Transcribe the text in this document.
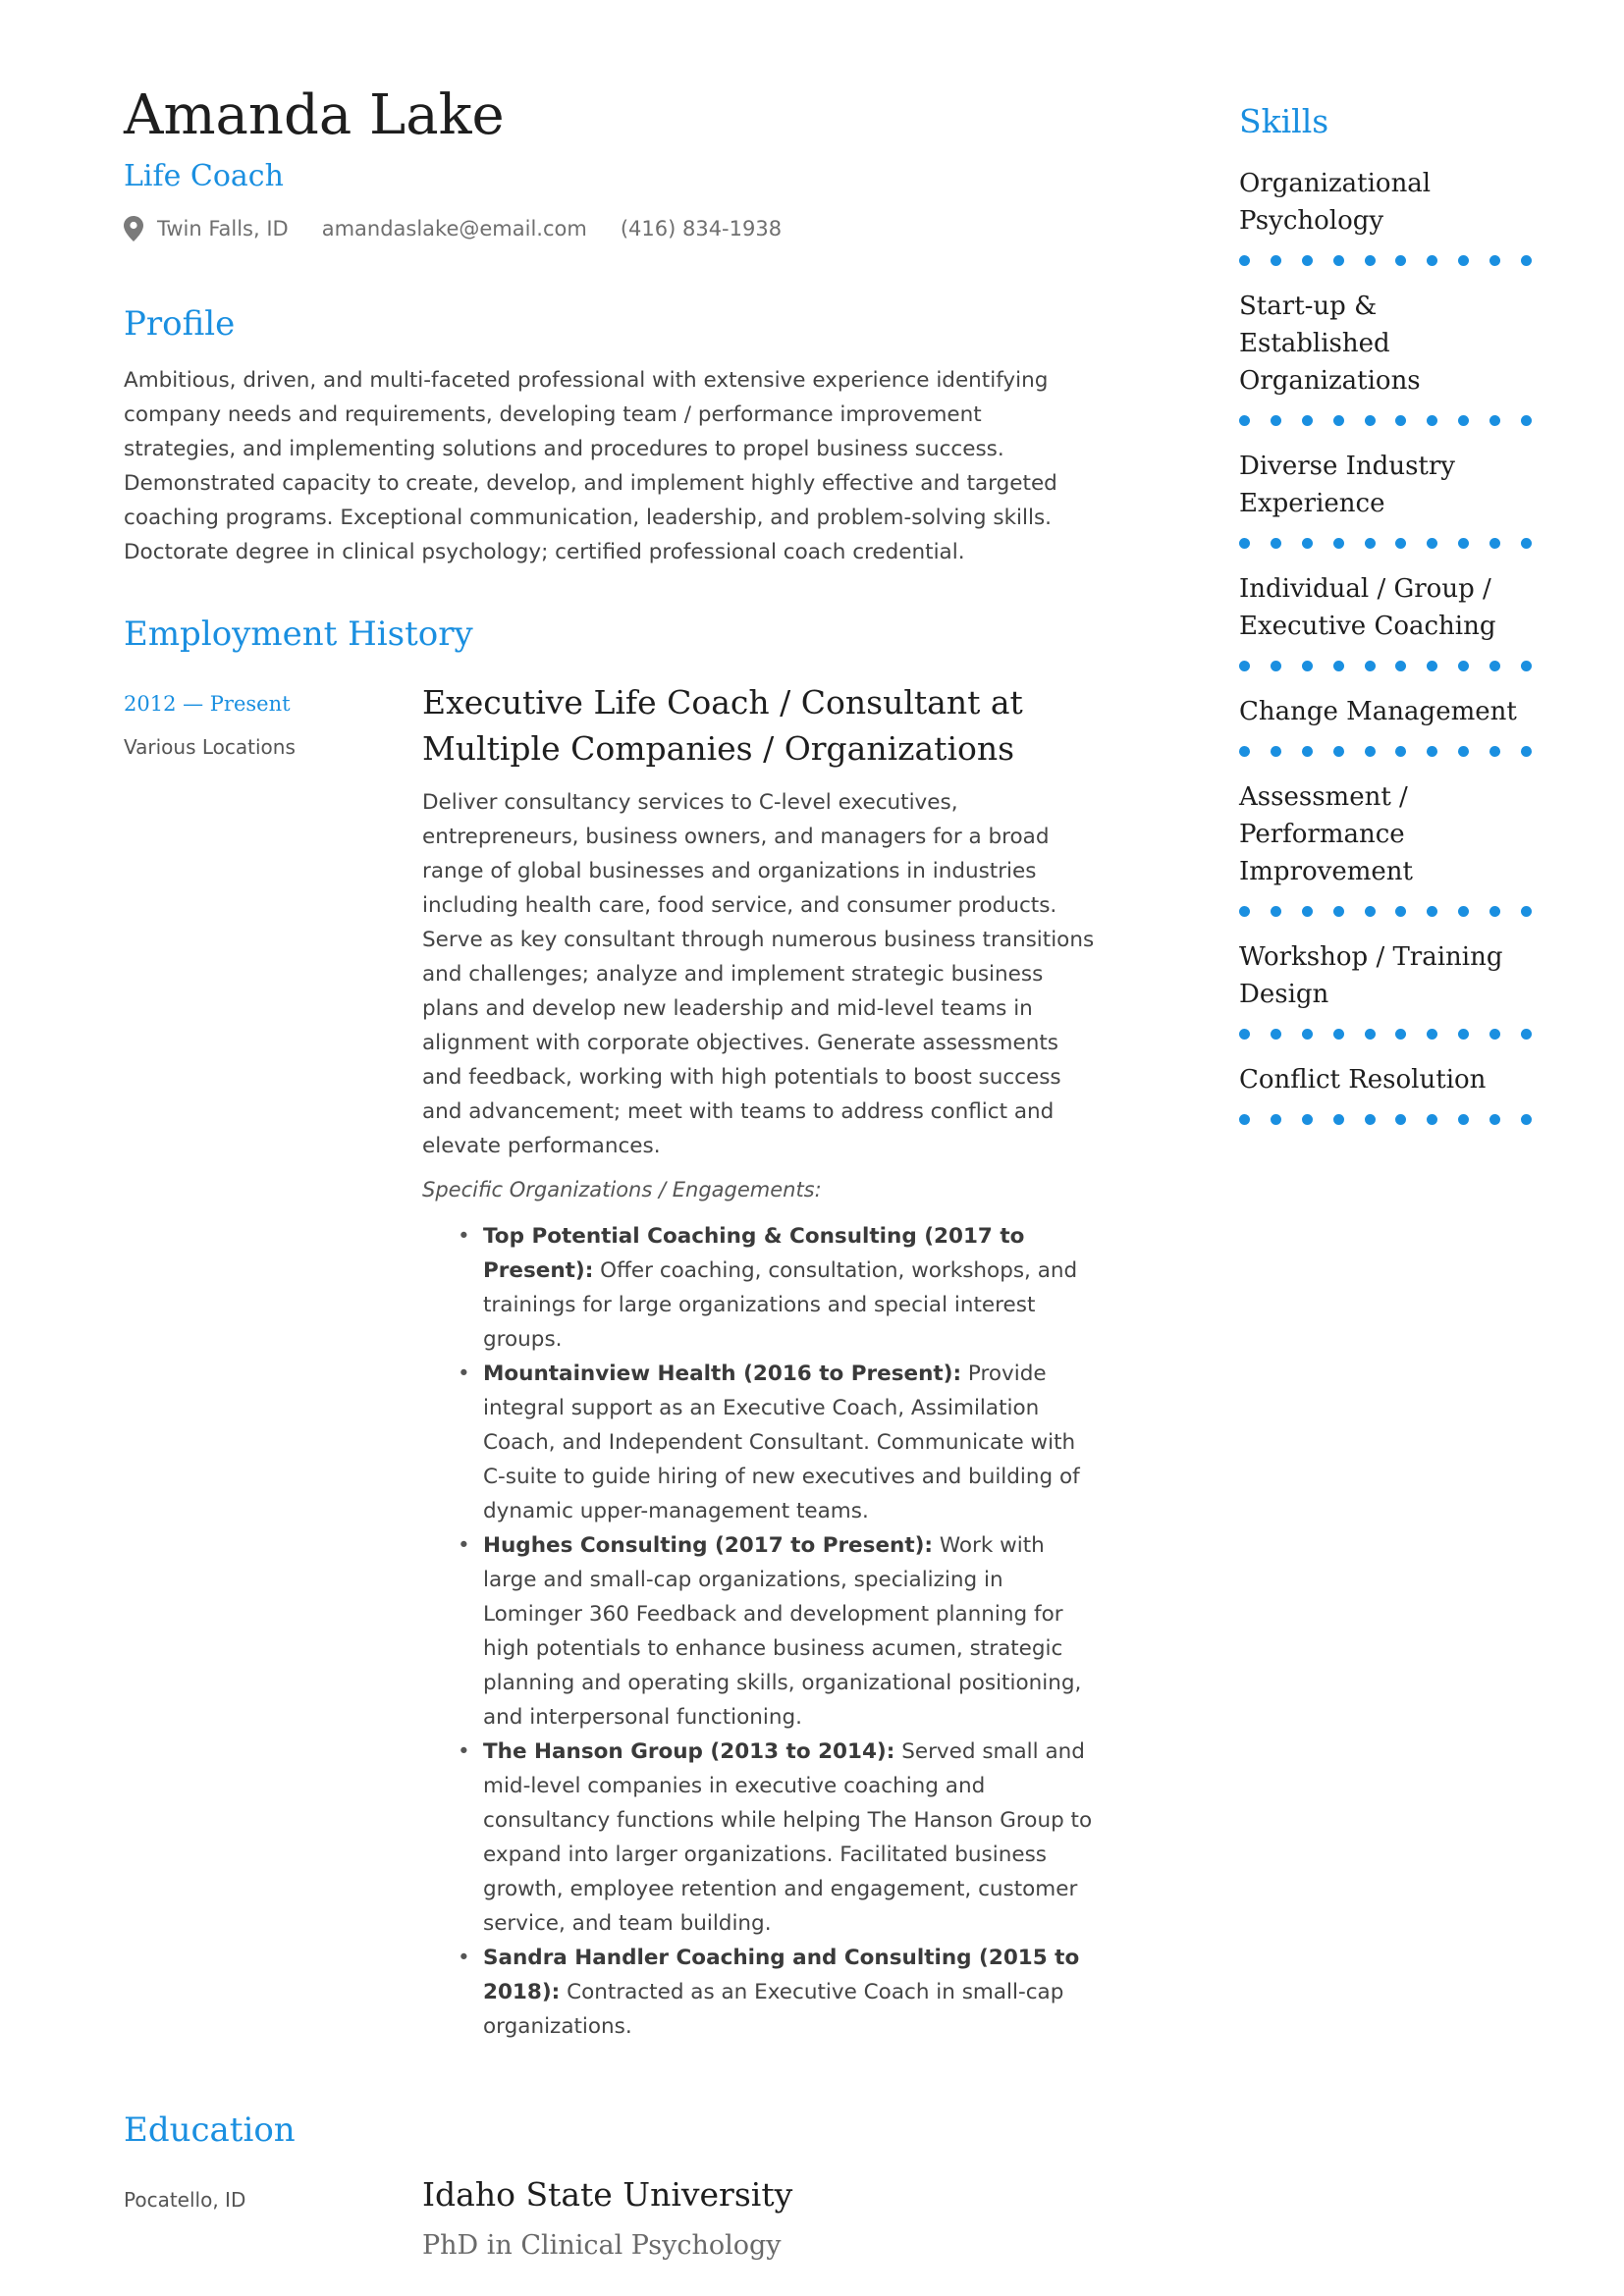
Amanda Lake
Life Coach
Twin Falls, ID amandaslake@email.com (416) 834-1938
Profile
Ambitious, driven, and multi-faceted professional with extensive experience identifying company needs and requirements, developing team / performance improvement strategies, and implementing solutions and procedures to propel business success. Demonstrated capacity to create, develop, and implement highly effective and targeted coaching programs. Exceptional communication, leadership, and problem-solving skills. Doctorate degree in clinical psychology; certified professional coach credential.
Employment History
2012 — Present
Various Locations
Executive Life Coach / Consultant at Multiple Companies / Organizations
Deliver consultancy services to C-level executives, entrepreneurs, business owners, and managers for a broad range of global businesses and organizations in industries including health care, food service, and consumer products. Serve as key consultant through numerous business transitions and challenges; analyze and implement strategic business plans and develop new leadership and mid-level teams in alignment with corporate objectives. Generate assessments and feedback, working with high potentials to boost success and advancement; meet with teams to address conflict and elevate performances.
Specific Organizations / Engagements:
• Top Potential Coaching & Consulting (2017 to Present): Offer coaching, consultation, workshops, and trainings for large organizations and special interest groups.
• Mountainview Health (2016 to Present): Provide integral support as an Executive Coach, Assimilation Coach, and Independent Consultant. Communicate with C-suite to guide hiring of new executives and building of dynamic upper-management teams.
• Hughes Consulting (2017 to Present): Work with large and small-cap organizations, specializing in Lominger 360 Feedback and development planning for high potentials to enhance business acumen, strategic planning and operating skills, organizational positioning, and interpersonal functioning.
• The Hanson Group (2013 to 2014): Served small and mid-level companies in executive coaching and consultancy functions while helping The Hanson Group to expand into larger organizations. Facilitated business growth, employee retention and engagement, customer service, and team building.
• Sandra Handler Coaching and Consulting (2015 to 2018): Contracted as an Executive Coach in small-cap organizations.
Education
Pocatello, ID	Idaho State University
PhD in Clinical Psychology
Skills
Organizational Psychology
Start-up & Established Organizations
Diverse Industry Experience
Individual / Group / Executive Coaching
Change Management
Assessment / Performance Improvement
Workshop / Training Design
Conflict Resolution
